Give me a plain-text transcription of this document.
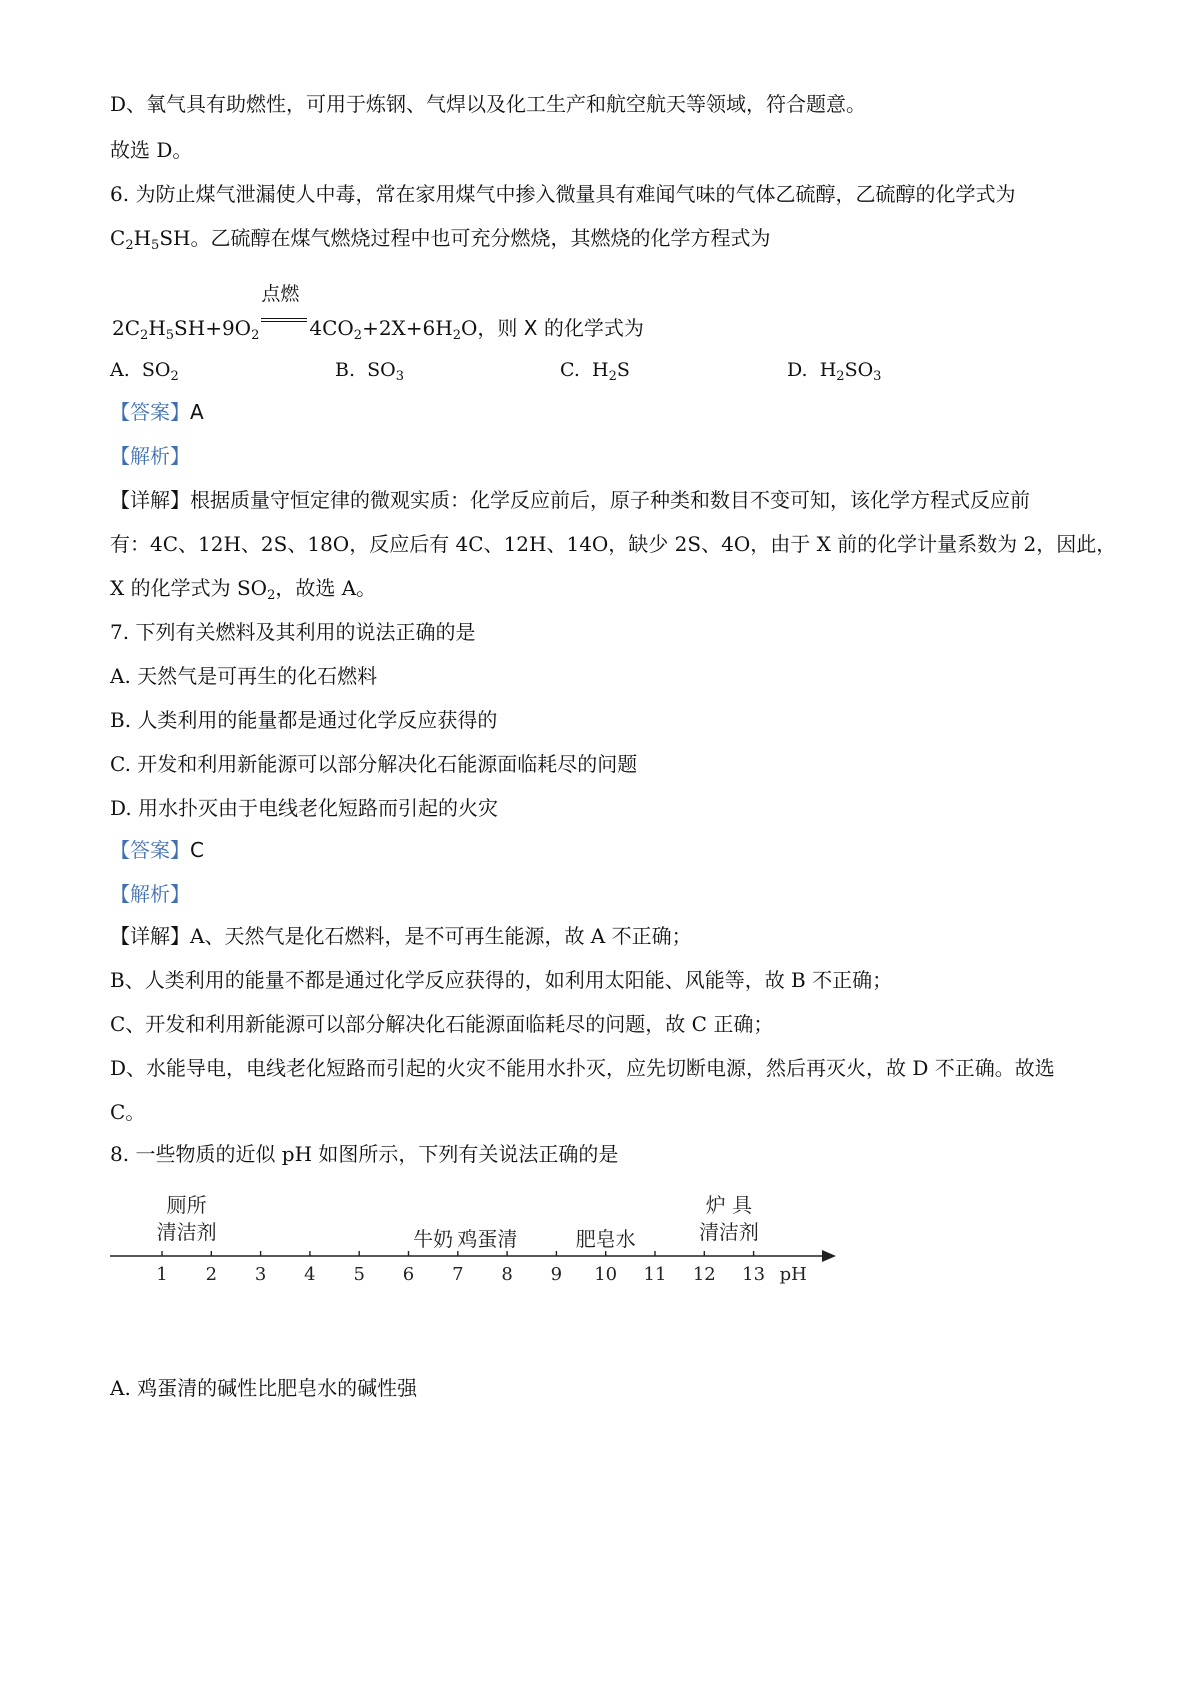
D、氧气具有助燃性，可用于炼钢、气焊以及化工生产和航空航天等领域，符合题意。
故选 D。
6. 为防止煤气泄漏使人中毒，常在家用煤气中掺入微量具有难闻气味的气体乙硫醇，乙硫醇的化学式为
$C_2H_5SH$。乙硫醇在煤气燃烧过程中也可充分燃烧，其燃烧的化学方程式为
$2C_2H_5SH+9O_2$
点燃
$4CO_2+2X+6H_2O$，则 X 的化学式为
A. $SO_2$	B. $SO_3$	C. $H_2S$	D. $H_2SO_3$
【答案】A
【解析】
【详解】根据质量守恒定律的微观实质：化学反应前后，原子种类和数目不变可知，该化学方程式反应前
有：4C、12H、2S、18O，反应后有 4C、12H、14O，缺少 2S、4O，由于 X 前的化学计量系数为 2，因此，
X 的化学式为 $SO_2$，故选 A。
7. 下列有关燃料及其利用的说法正确的是
A. 天然气是可再生的化石燃料
B. 人类利用的能量都是通过化学反应获得的
C. 开发和利用新能源可以部分解决化石能源面临耗尽的问题
D. 用水扑灭由于电线老化短路而引起的火灾
【答案】C
【解析】
【详解】A、天然气是化石燃料，是不可再生能源，故 A 不正确；
B、人类利用的能量不都是通过化学反应获得的，如利用太阳能、风能等，故 B 不正确；
C、开发和利用新能源可以部分解决化石能源面临耗尽的问题，故 C 正确；
D、水能导电，电线老化短路而引起的火灾不能用水扑灭，应先切断电源，然后再灭火，故 D 不正确。故选
C。
8. 一些物质的近似 pH 如图所示，下列有关说法正确的是
1 2 3 4 5 6 7 8 9 10 11 12 13 pH
厕所
清洁剂	牛奶 鸡蛋清	肥皂水
炉 具
清洁剂
A. 鸡蛋清的碱性比肥皂水的碱性强
